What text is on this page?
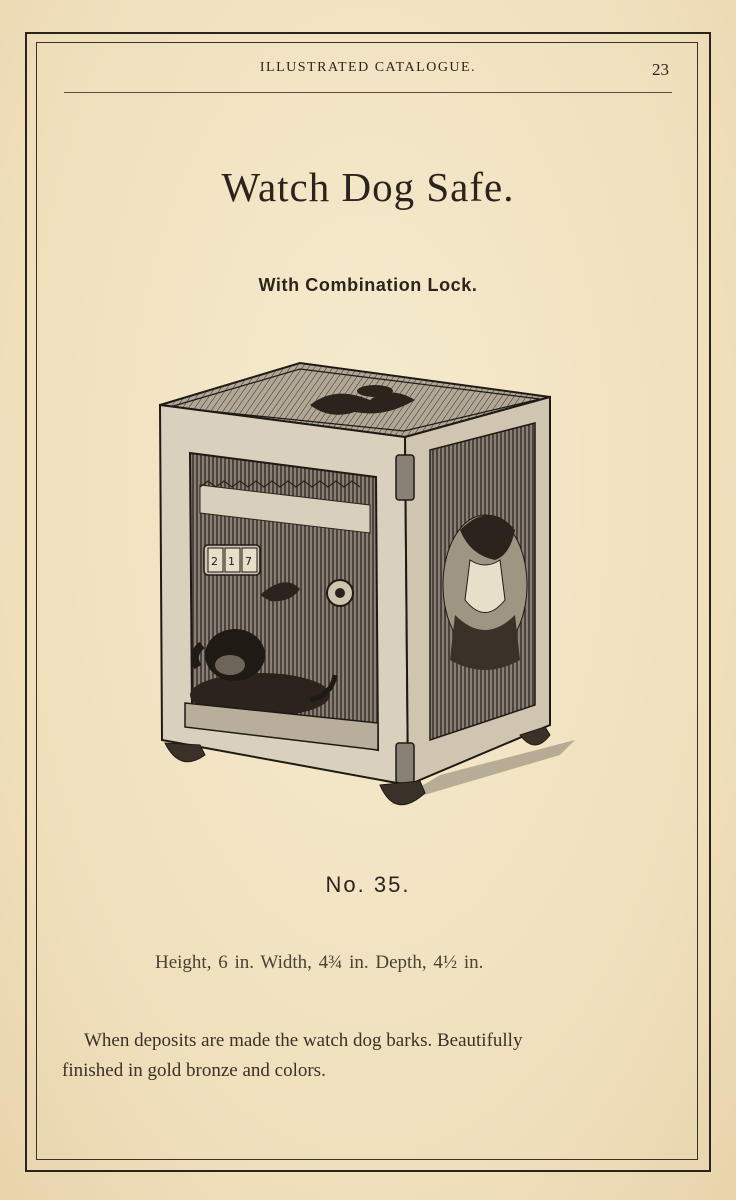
ILLUSTRATED CATALOGUE.	23
Watch Dog Safe.
With Combination Lock.
2 1 7
No. 35.
Height, 6 in. Width, 4¾ in. Depth, 4½ in.
When deposits are made the watch dog barks. Beautifully
finished in gold bronze and colors.
